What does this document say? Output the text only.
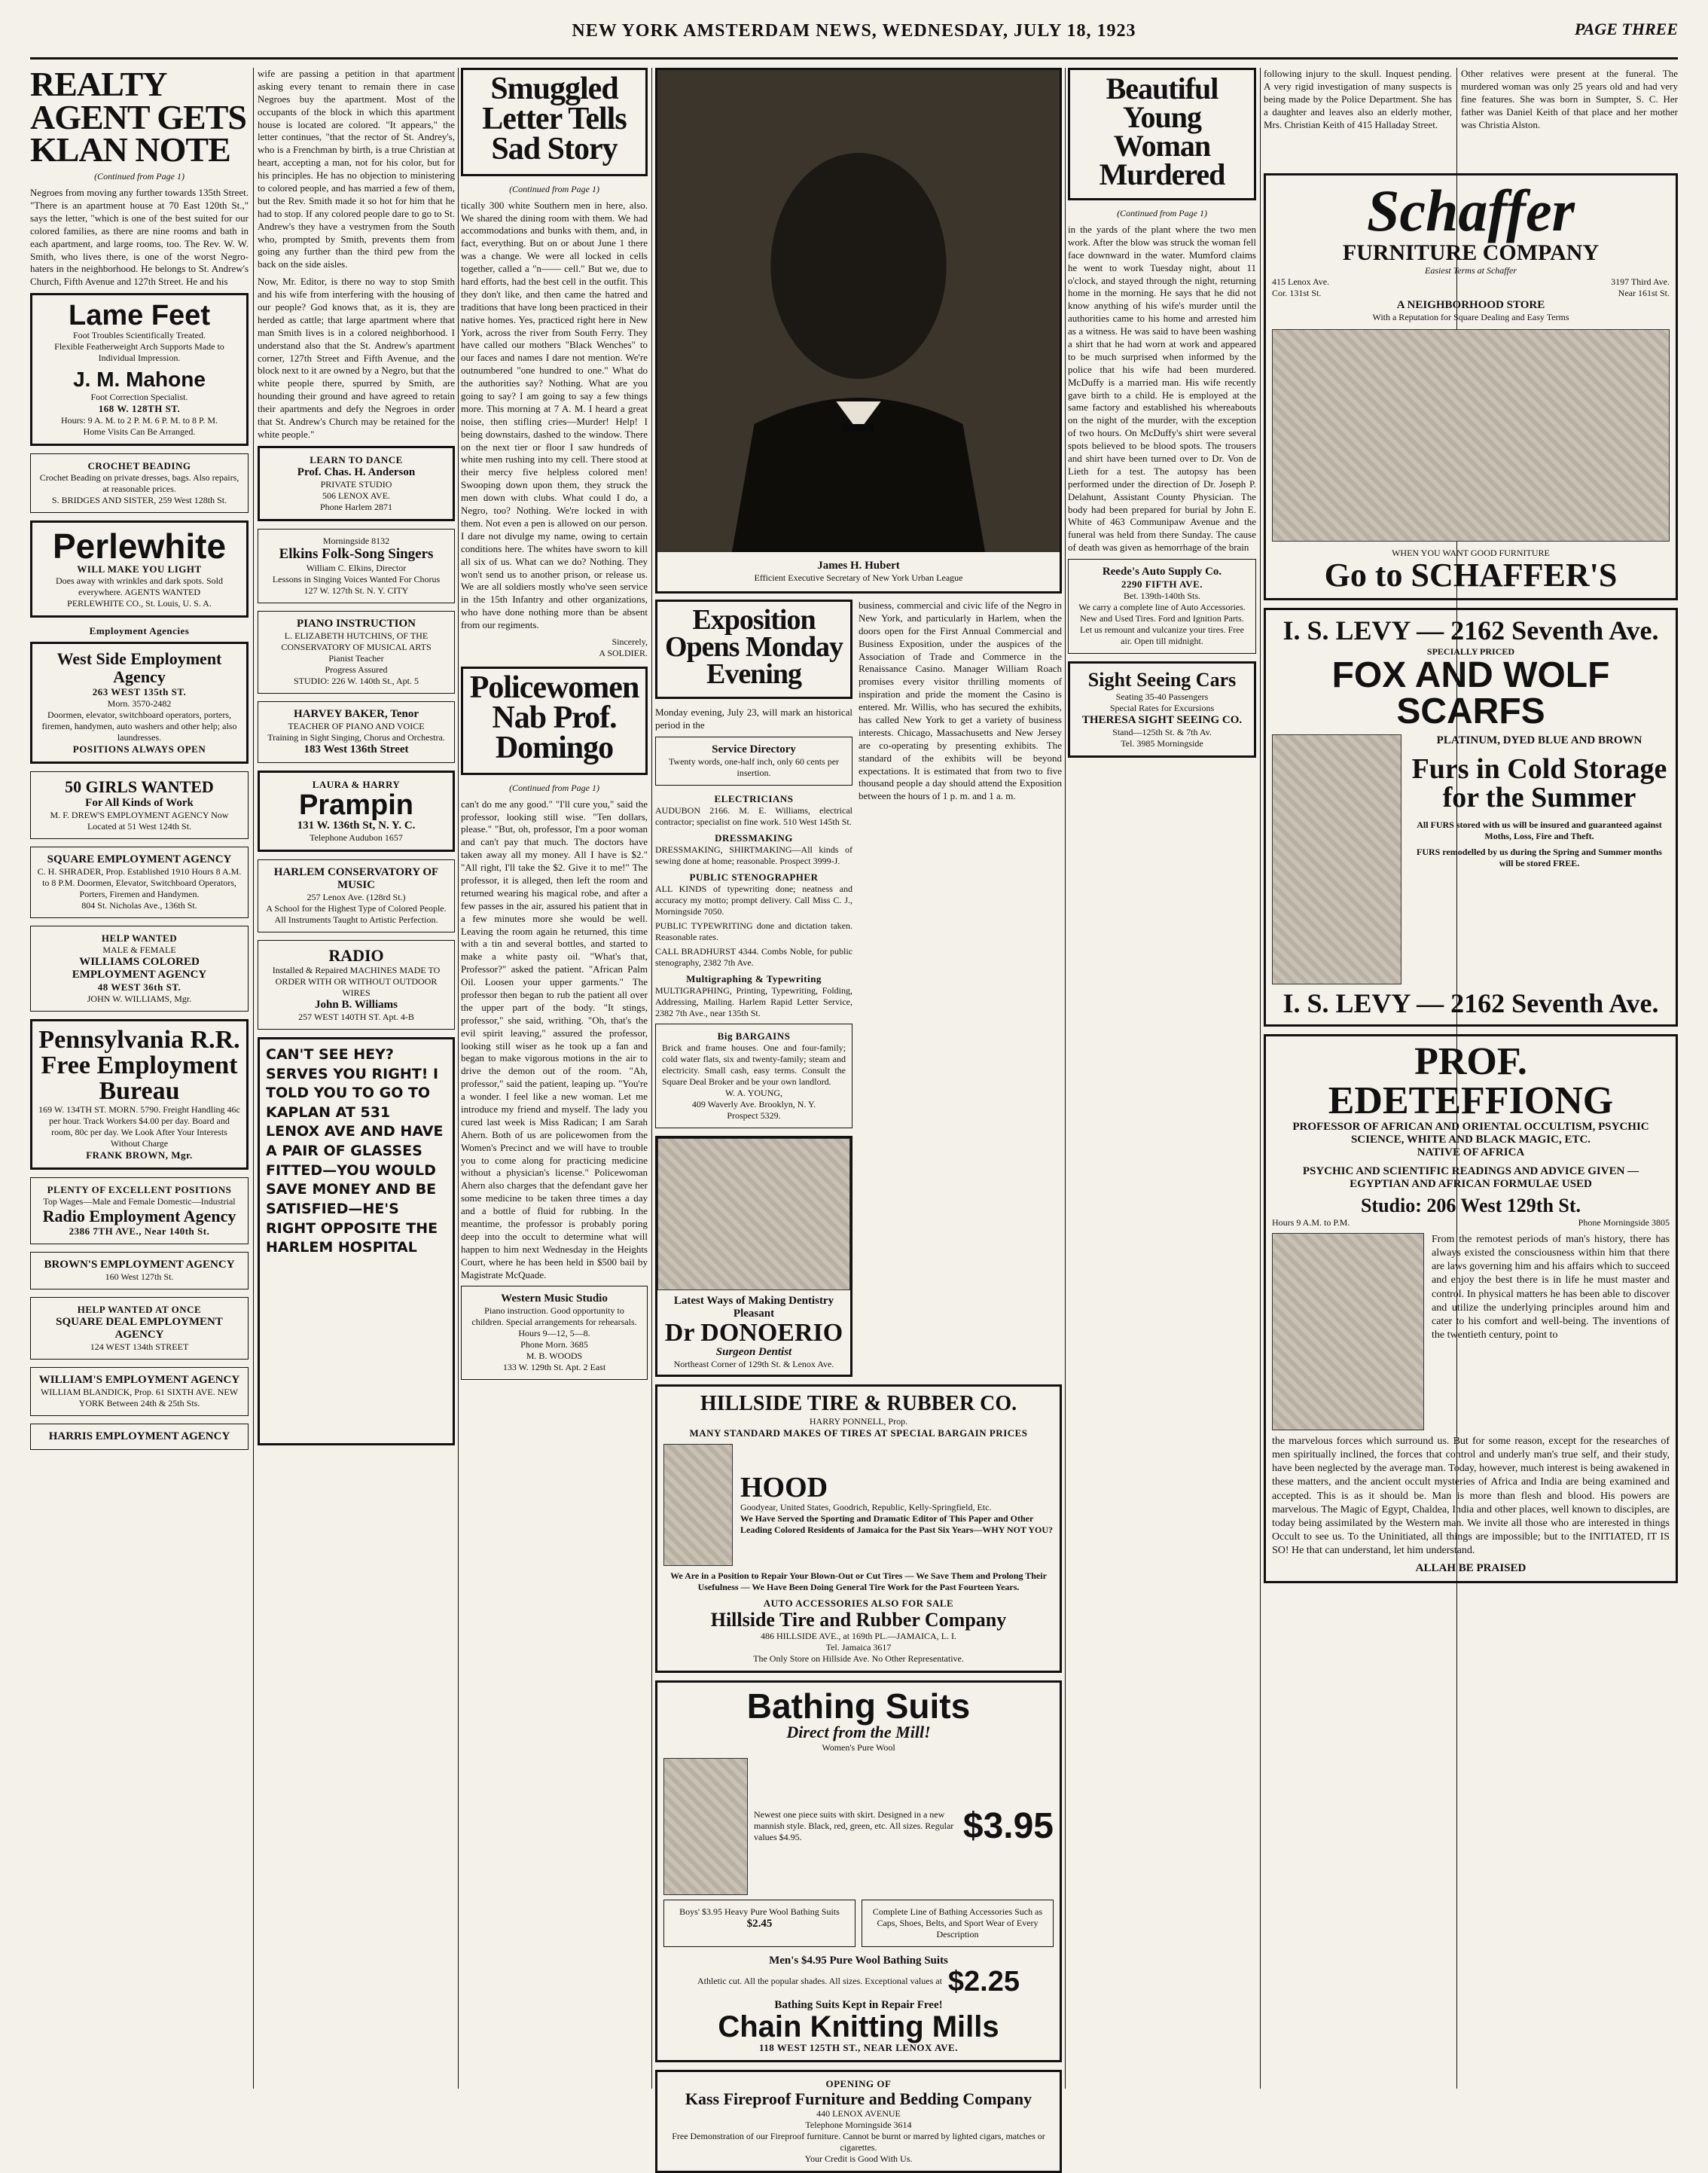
NEW YORK AMSTERDAM NEWS, WEDNESDAY, JULY 18, 1923	PAGE THREE
REALTY AGENT GETS KLAN NOTE
(Continued from Page 1)
Negroes from moving any further towards 135th Street. "There is an apartment house at 70 East 120th St.," says the letter, "which is one of the best suited for our colored families, as there are nine rooms and bath in each apartment, and large rooms, too. The Rev. W. W. Smith, who lives there, is one of the worst Negro-haters in the neighborhood. He belongs to St. Andrew's Church, Fifth Avenue and 127th Street. He and his
Lame Feet
Foot Troubles Scientifically Treated.
Flexible Featherweight Arch Supports Made to Individual Impression.
J. M. Mahone
Foot Correction Specialist.
168 W. 128TH ST.
Hours: 9 A. M. to 2 P. M. 6 P. M. to 8 P. M.
Home Visits Can Be Arranged.
CROCHET BEADING
Crochet Beading on private dresses, bags. Also repairs, at reasonable prices.
S. BRIDGES AND SISTER, 259 West 128th St.
Perlewhite
WILL MAKE YOU LIGHT
Does away with wrinkles and dark spots. Sold everywhere. AGENTS WANTED
PERLEWHITE CO., St. Louis, U. S. A.
Employment Agencies
West Side Employment Agency
263 WEST 135th ST.
Morn. 3570-2482
Doormen, elevator, switchboard operators, porters, firemen, handymen, auto washers and other help; also laundresses.
POSITIONS ALWAYS OPEN
50 GIRLS WANTED
For All Kinds of Work
M. F. DREW'S EMPLOYMENT AGENCY Now Located at 51 West 124th St.
SQUARE EMPLOYMENT AGENCY
C. H. SHRADER, Prop. Established 1910 Hours 8 A.M. to 8 P.M. Doormen, Elevator, Switchboard Operators, Porters, Firemen and Handymen.
804 St. Nicholas Ave., 136th St.
HELP WANTED
MALE & FEMALE
WILLIAMS COLORED EMPLOYMENT AGENCY
48 WEST 36th ST.
JOHN W. WILLIAMS, Mgr.
Pennsylvania R.R. Free Employment Bureau
169 W. 134TH ST. MORN. 5790. Freight Handling 46c per hour. Track Workers $4.00 per day. Board and room, 80c per day. We Look After Your Interests Without Charge
FRANK BROWN, Mgr.
PLENTY OF EXCELLENT POSITIONS
Top Wages—Male and Female Domestic—Industrial
Radio Employment Agency
2386 7TH AVE., Near 140th St.
BROWN'S EMPLOYMENT AGENCY
160 West 127th St.
HELP WANTED AT ONCE
SQUARE DEAL EMPLOYMENT AGENCY
124 WEST 134th STREET
WILLIAM'S EMPLOYMENT AGENCY
WILLIAM BLANDICK, Prop. 61 SIXTH AVE. NEW YORK Between 24th & 25th Sts.
HARRIS EMPLOYMENT AGENCY
wife are passing a petition in that apartment asking every tenant to remain there in case Negroes buy the apartment. Most of the occupants of the block in which this apartment house is located are colored. "It appears," the letter continues, "that the rector of St. Andrey's, who is a Frenchman by birth, is a true Christian at heart, accepting a man, not for his color, but for his principles. He has no objection to ministering to colored people, and has married a few of them, but the Rev. Smith made it so hot for him that he had to stop. If any colored people dare to go to St. Andrew's they have a vestrymen from the South who, prompted by Smith, prevents them from going any further than the third pew from the back on the side aisles.
Now, Mr. Editor, is there no way to stop Smith and his wife from interfering with the housing of our people? God knows that, as it is, they are herded as cattle; that large apartment where that man Smith lives is in a colored neighborhood. I understand also that the St. Andrew's apartment corner, 127th Street and Fifth Avenue, and the block next to it are owned by a Negro, but that the white people there, spurred by Smith, are hounding their ground and have agreed to retain their apartments and defy the Negroes in order that St. Andrew's Church may be retained for the white people."
LEARN TO DANCE
Prof. Chas. H. Anderson
PRIVATE STUDIO
506 LENOX AVE.
Phone Harlem 2871
Morningside 8132
Elkins Folk-Song Singers
William C. Elkins, Director
Lessons in Singing Voices Wanted For Chorus
127 W. 127th St. N. Y. CITY
PIANO INSTRUCTION
L. ELIZABETH HUTCHINS, OF THE CONSERVATORY OF MUSICAL ARTS
Pianist Teacher
Progress Assured
STUDIO: 226 W. 140th St., Apt. 5
HARVEY BAKER, Tenor
TEACHER OF PIANO AND VOICE
Training in Sight Singing, Chorus and Orchestra.
183 West 136th Street
LAURA & HARRY
Prampin
131 W. 136th St, N. Y. C.
Telephone Audubon 1657
HARLEM CONSERVATORY OF MUSIC
257 Lenox Ave. (128rd St.)
A School for the Highest Type of Colored People. All Instruments Taught to Artistic Perfection.
RADIO
Installed & Repaired MACHINES MADE TO ORDER WITH OR WITHOUT OUTDOOR WIRES
John B. Williams
257 WEST 140TH ST. Apt. 4-B
CAN'T SEE HEY? SERVES YOU RIGHT! I TOLD YOU TO GO TO KAPLAN AT 531 LENOX AVE AND HAVE A PAIR OF GLASSES FITTED—YOU WOULD SAVE MONEY AND BE SATISFIED—HE'S RIGHT OPPOSITE THE HARLEM HOSPITAL
Smuggled Letter Tells Sad Story
(Continued from Page 1)
tically 300 white Southern men in here, also. We shared the dining room with them. We had accommodations and bunks with them, and, in fact, everything. But on or about June 1 there was a change. We were all locked in cells together, called a "n—— cell." But we, due to hard efforts, had the best cell in the outfit. This they don't like, and then came the hatred and traditions that have long been practiced in their native homes. Yes, practiced right here in New York, across the river from South Ferry. They have called our mothers "Black Wenches" to our faces and names I dare not mention. We're outnumbered "one hundred to one." What do the authorities say? Nothing. What are you going to say? I am going to say a few things more. This morning at 7 A. M. I heard a great noise, then stifling cries—Murder! Help! I being downstairs, dashed to the window. There on the next tier or floor I saw hundreds of white men rushing into my cell. There stood at their mercy five helpless colored men! Swooping down upon them, they struck the men down with clubs. What could I do, a Negro, too? Nothing. We're locked in with them. Not even a pen is allowed on our person. I dare not divulge my name, owing to certain conditions here. The whites have sworn to kill all six of us. What can we do? Nothing. They won't send us to another prison, or release us. We are all soldiers mostly who've seen service in the 15th Infantry and other organizations, who have done nothing more than be absent from our regiments.
Sincerely,
A SOLDIER.
Policewomen Nab Prof. Domingo
(Continued from Page 1)
can't do me any good." "I'll cure you," said the professor, looking still wise. "Ten dollars, please." "But, oh, professor, I'm a poor woman and can't pay that much. The doctors have taken away all my money. All I have is $2." "All right, I'll take the $2. Give it to me!" The professor, it is alleged, then left the room and returned wearing his magical robe, and after a few passes in the air, assured his patient that in a few minutes more she would be well. Leaving the room again he returned, this time with a tin and several bottles, and started to make a white pasty oil. "What's that, Professor?" asked the patient. "African Palm Oil. Loosen your upper garments." The professor then began to rub the patient all over the upper part of the body. "It stings, professor," she said, writhing. "Oh, that's the evil spirit leaving," assured the professor, looking still wiser as he took up a fan and began to make vigorous motions in the air to drive the demon out of the room. "Ah, professor," said the patient, leaping up. "You're a wonder. I feel like a new woman. Let me introduce my friend and myself. The lady you cured last week is Miss Radican; I am Sarah Ahern. Both of us are policewomen from the Women's Precinct and we will have to trouble you to come along for practicing medicine without a physician's license." Policewoman Ahern also charges that the defendant gave her some medicine to be taken three times a day and a bottle of fluid for rubbing. In the meantime, the professor is probably poring deep into the occult to determine what will happen to him next Wednesday in the Heights Court, where he has been held in $500 bail by Magistrate McQuade.
Western Music Studio
Piano instruction. Good opportunity to children. Special arrangements for rehearsals. Hours 9—12, 5—8.
Phone Morn. 3685
M. B. WOODS
133 W. 129th St. Apt. 2 East
James H. Hubert
Efficient Executive Secretary of New York Urban League
Exposition Opens Monday Evening
Monday evening, July 23, will mark an historical period in the
Service Directory
Twenty words, one-half inch, only 60 cents per insertion.
ELECTRICIANS
AUDUBON 2166. M. E. Williams, electrical contractor; specialist on fine work. 510 West 145th St.
DRESSMAKING
DRESSMAKING, SHIRTMAKING—All kinds of sewing done at home; reasonable. Prospect 3999-J.
PUBLIC STENOGRAPHER
ALL KINDS of typewriting done; neatness and accuracy my motto; prompt delivery. Call Miss C. J., Morningside 7050.
PUBLIC TYPEWRITING done and dictation taken. Reasonable rates.
CALL BRADHURST 4344. Combs Noble, for public stenography, 2382 7th Ave.
Multigraphing & Typewriting
MULTIGRAPHING, Printing, Typewriting, Folding, Addressing, Mailing. Harlem Rapid Letter Service, 2382 7th Ave., near 135th St.
Big BARGAINS
Brick and frame houses. One and four-family; cold water flats, six and twenty-family; steam and electricity. Small cash, easy terms. Consult the Square Deal Broker and be your own landlord.
W. A. YOUNG,
409 Waverly Ave. Brooklyn, N. Y.
Prospect 5329.
Latest Ways of Making Dentistry Pleasant
Dr DONOERIO
Surgeon Dentist
Northeast Corner of 129th St. & Lenox Ave.
business, commercial and civic life of the Negro in New York, and particularly in Harlem, when the doors open for the First Annual Commercial and Business Exposition, under the auspices of the Association of Trade and Commerce in the Renaissance Casino. Manager William Roach promises every visitor thrilling moments of inspiration and pride the moment the Casino is entered. Mr. Willis, who has secured the exhibits, has called New York to get a variety of business interests. Chicago, Massachusetts and New Jersey are co-operating by presenting exhibits. The standard of the exhibits will be beyond expectations. It is estimated that from two to five thousand people a day should attend the Exposition between the hours of 1 p. m. and 1 a. m.
HILLSIDE TIRE & RUBBER CO.
HARRY PONNELL, Prop.
MANY STANDARD MAKES OF TIRES AT SPECIAL BARGAIN PRICES
HOOD
Goodyear, United States, Goodrich, Republic, Kelly-Springfield, Etc.
We Have Served the Sporting and Dramatic Editor of This Paper and Other Leading Colored Residents of Jamaica for the Past Six Years—WHY NOT YOU?
We Are in a Position to Repair Your Blown-Out or Cut Tires — We Save Them and Prolong Their Usefulness — We Have Been Doing General Tire Work for the Past Fourteen Years.
AUTO ACCESSORIES ALSO FOR SALE
Hillside Tire and Rubber Company
486 HILLSIDE AVE., at 169th PL.—JAMAICA, L. I.
Tel. Jamaica 3617
The Only Store on Hillside Ave. No Other Representative.
Bathing Suits
Direct from the Mill!
Women's Pure Wool
Newest one piece suits with skirt. Designed in a new mannish style. Black, red, green, etc. All sizes. Regular values $4.95.	$3.95
Boys' $3.95 Heavy Pure Wool Bathing Suits
$2.45
Complete Line of Bathing Accessories Such as Caps, Shoes, Belts, and Sport Wear of Every Description
Men's $4.95 Pure Wool Bathing Suits
Athletic cut. All the popular shades. All sizes. Exceptional values at $2.25
Bathing Suits Kept in Repair Free!
Chain Knitting Mills
118 WEST 125TH ST., NEAR LENOX AVE.
OPENING OF
Kass Fireproof Furniture and Bedding Company
440 LENOX AVENUE
Telephone Morningside 3614
Free Demonstration of our Fireproof furniture. Cannot be burnt or marred by lighted cigars, matches or cigarettes.
Your Credit is Good With Us.
Beautiful Young Woman Murdered
(Continued from Page 1)
in the yards of the plant where the two men work. After the blow was struck the woman fell face downward in the water. Mumford claims he went to work Tuesday night, about 11 o'clock, and stayed through the night, returning home in the morning. He says that he did not know anything of his wife's murder until the authorities came to his home and arrested him as a witness. He was said to have been washing a shirt that he had worn at work and appeared to be much surprised when informed by the police that his wife had been murdered. McDuffy is a married man. His wife recently gave birth to a child. He is employed at the same factory and established his whereabouts on the night of the murder, with the exception of two hours. On McDuffy's shirt were several spots believed to be blood spots. The trousers and shirt have been turned over to Dr. Von de Lieth for a test. The autopsy has been performed under the direction of Dr. Joseph P. Delahunt, Assistant County Physician. The body had been prepared for burial by John E. White of 463 Communipaw Avenue and the funeral was held from there Sunday. The cause of death was given as hemorrhage of the brain
Reede's Auto Supply Co.
2290 FIFTH AVE.
Bet. 139th-140th Sts.
We carry a complete line of Auto Accessories. New and Used Tires. Ford and Ignition Parts. Let us remount and vulcanize your tires. Free air. Open till midnight.
Sight Seeing Cars
Seating 35-40 Passengers
Special Rates for Excursions
THERESA SIGHT SEEING CO.
Stand—125th St. & 7th Av.
Tel. 3985 Morningside
following injury to the skull. Inquest pending. A very rigid investigation of many suspects is being made by the Police Department. She has a daughter and leaves also an elderly mother, Mrs. Christian Keith of 415 Halladay Street.
Other relatives were present at the funeral. The murdered woman was only 25 years old and had very fine features. She was born in Sumpter, S. C. Her father was Daniel Keith of that place and her mother was Christia Alston.
Schaffer
FURNITURE COMPANY
Easiest Terms at Schaffer
415 Lenox Ave.
Cor. 131st St.
3197 Third Ave.
Near 161st St.
A NEIGHBORHOOD STORE
With a Reputation for Square Dealing and Easy Terms
WHEN YOU WANT GOOD FURNITURE
Go to SCHAFFER'S
I. S. LEVY — 2162 Seventh Ave.
SPECIALLY PRICED
FOX AND WOLF SCARFS
PLATINUM, DYED BLUE AND BROWN
Furs in Cold Storage for the Summer
All FURS stored with us will be insured and guaranteed against Moths, Loss, Fire and Theft.
FURS remodelled by us during the Spring and Summer months will be stored FREE.
I. S. LEVY — 2162 Seventh Ave.
PROF. EDETEFFIONG
PROFESSOR OF AFRICAN AND ORIENTAL OCCULTISM, PSYCHIC SCIENCE, WHITE AND BLACK MAGIC, ETC.
NATIVE OF AFRICA
PSYCHIC AND SCIENTIFIC READINGS AND ADVICE GIVEN — EGYPTIAN AND AFRICAN FORMULAE USED
Studio: 206 West 129th St.
Hours 9 A.M. to P.M.	Phone Morningside 3805
From the remotest periods of man's history, there has always existed the consciousness within him that there are laws governing him and his affairs which to succeed and enjoy the best there is in life he must master and control. In physical matters he has been able to discover and utilize the underlying principles around him and cater to his comfort and well-being. The inventions of the twentieth century, point to
the marvelous forces which surround us. But for some reason, except for the researches of men spiritually inclined, the forces that control and underly man's true self, and their study, have been neglected by the average man. Today, however, much interest is being awakened in these matters, and the ancient occult mysteries of Africa and India are being examined and accepted. This is as it should be. Man is more than flesh and blood. His powers are marvelous. The Magic of Egypt, Chaldea, India and other places, well known to disciples, are today being assimilated by the Western man. We invite all those who are interested in things Occult to see us. To the Uninitiated, all things are impossible; but to the INITIATED, IT IS SO! He that can understand, let him understand.
ALLAH BE PRAISED
